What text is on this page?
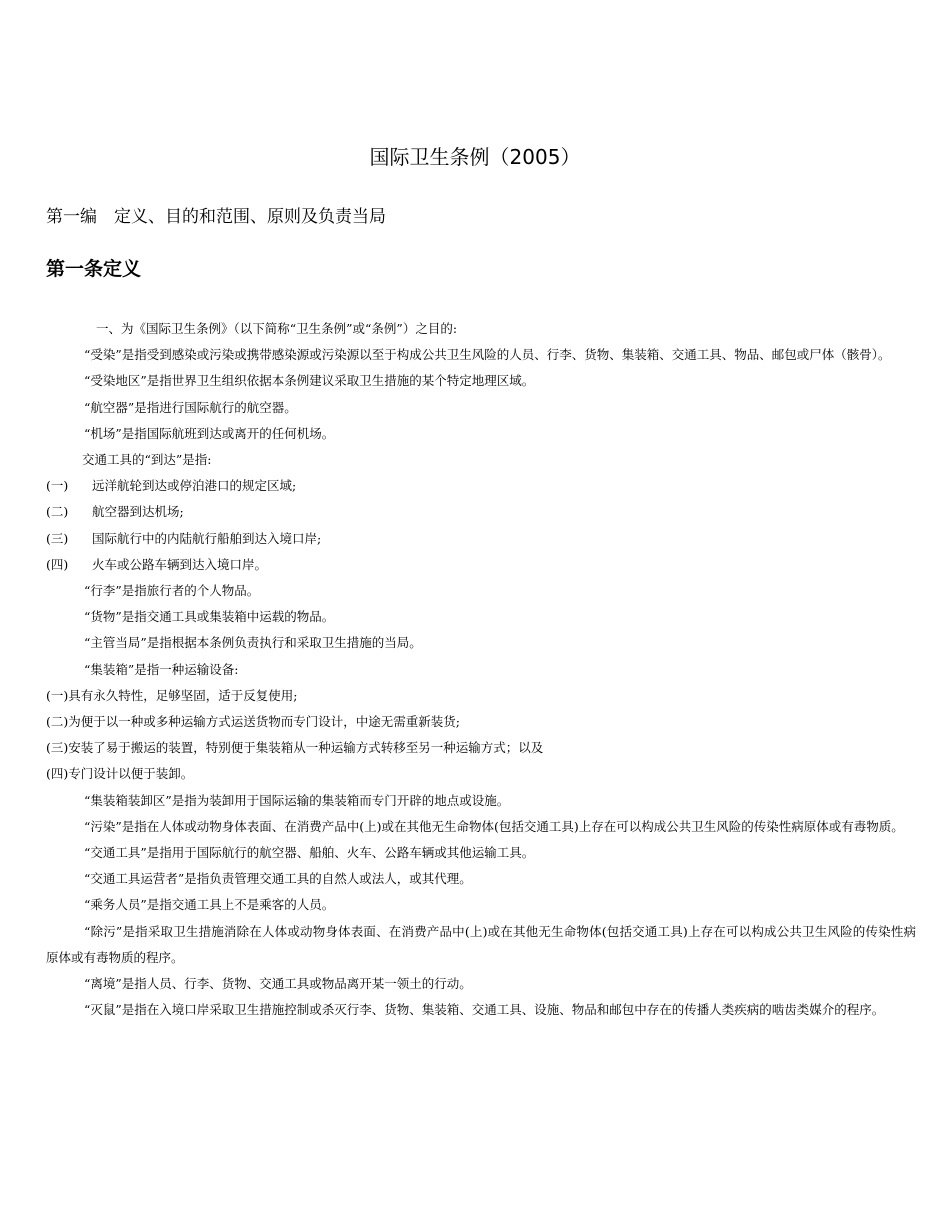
国际卫生条例（2005）
第一编　定义、目的和范围、原则及负责当局
第一条定义

一、为《国际卫生条例》（以下简称“卫生条例”或“条例”）之目的:

“受染”是指受到感染或污染或携带感染源或污染源以至于构成公共卫生风险的人员、行李、货物、集装箱、交通工具、物品、邮包或尸体（骸骨）。

“受染地区”是指世界卫生组织依据本条例建议采取卫生措施的某个特定地理区域。

“航空器”是指进行国际航行的航空器。

“机场”是指国际航班到达或离开的任何机场。

交通工具的“到达”是指:

(一)	远洋航轮到达或停泊港口的规定区域;
(二)	航空器到达机场;
(三)	国际航行中的内陆航行船舶到达入境口岸;
(四)	火车或公路车辆到达入境口岸。

“行李”是指旅行者的个人物品。

“货物”是指交通工具或集装箱中运载的物品。

“主管当局”是指根据本条例负责执行和采取卫生措施的当局。

“集装箱”是指一种运输设备:

(一)具有永久特性，足够坚固，适于反复使用;

(二)为便于以一种或多种运输方式运送货物而专门设计，中途无需重新装货;

(三)安装了易于搬运的装置，特别便于集装箱从一种运输方式转移至另一种运输方式；以及

(四)专门设计以便于装卸。

“集装箱装卸区”是指为装卸用于国际运输的集装箱而专门开辟的地点或设施。

“污染”是指在人体或动物身体表面、在消费产品中(上)或在其他无生命物体(包括交通工具)上存在可以构成公共卫生风险的传染性病原体或有毒物质。

“交通工具”是指用于国际航行的航空器、船舶、火车、公路车辆或其他运输工具。

“交通工具运营者”是指负责管理交通工具的自然人或法人，或其代理。

“乘务人员”是指交通工具上不是乘客的人员。

“除污”是指采取卫生措施消除在人体或动物身体表面、在消费产品中(上)或在其他无生命物体(包括交通工具)上存在可以构成公共卫生风险的传染性病原体或有毒物质的程序。

“离境”是指人员、行李、货物、交通工具或物品离开某一领土的行动。

“灭鼠”是指在入境口岸采取卫生措施控制或杀灭行李、货物、集装箱、交通工具、设施、物品和邮包中存在的传播人类疾病的啮齿类媒介的程序。
